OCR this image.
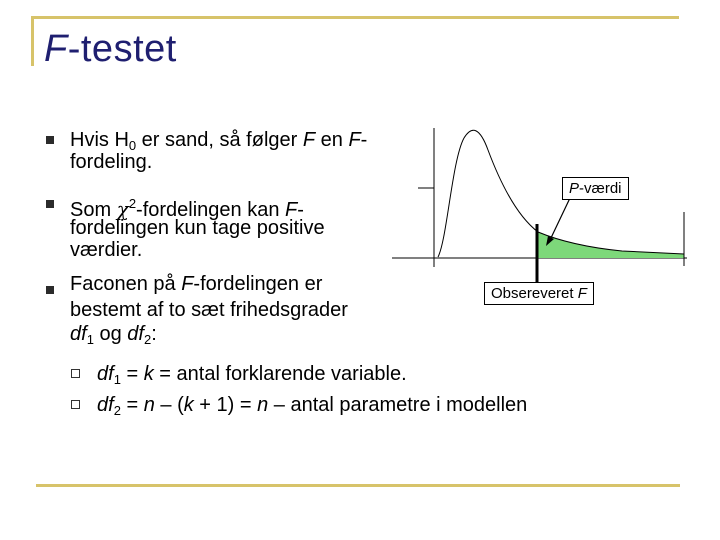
F-testet
Hvis $H_0$ er sand, så følger F en F-
fordeling.
Som $\chi^2$-fordelingen kan F-
fordelingen kun tage positive
værdier.
Faconen på F-fordelingen er
bestemt af to sæt frihedsgrader
$df_1$ og $df_2$:
$df_1 = k$ = antal forklarende variable.
$df_2 = n - (k + 1) = n$ – antal parametre i modellen
P-værdi
Obsereveret F
